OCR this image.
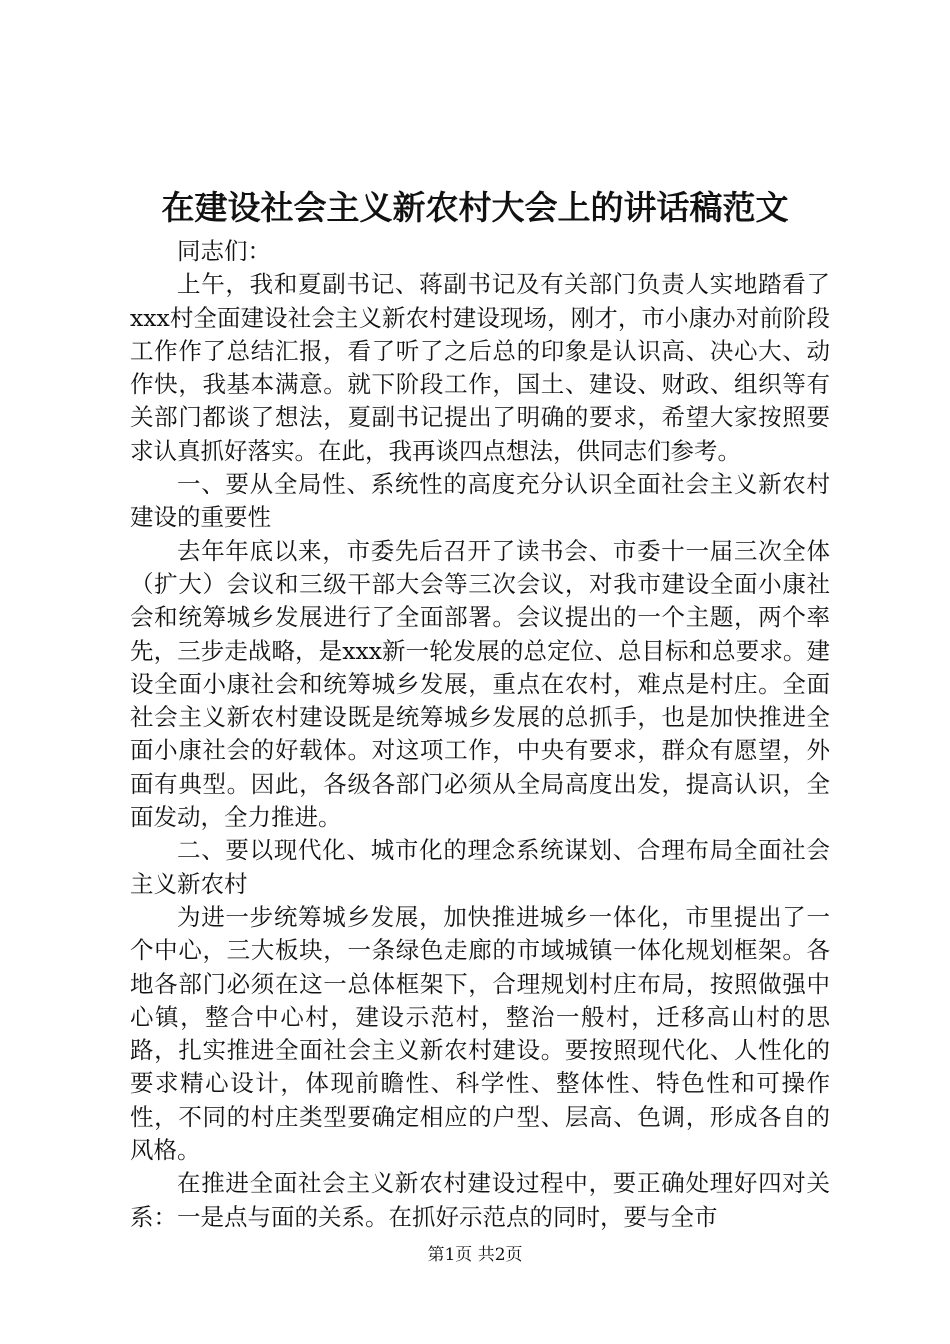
在建设社会主义新农村大会上的讲话稿范文

同志们：

上午，我和夏副书记、蒋副书记及有关部门负责人实地踏看了xxx村全面建设社会主义新农村建设现场，刚才，市小康办对前阶段工作作了总结汇报，看了听了之后总的印象是认识高、决心大、动作快，我基本满意。就下阶段工作，国土、建设、财政、组织等有关部门都谈了想法，夏副书记提出了明确的要求，希望大家按照要求认真抓好落实。在此，我再谈四点想法，供同志们参考。

一、要从全局性、系统性的高度充分认识全面社会主义新农村建设的重要性

去年年底以来，市委先后召开了读书会、市委十一届三次全体（扩大）会议和三级干部大会等三次会议，对我市建设全面小康社会和统筹城乡发展进行了全面部署。会议提出的一个主题，两个率先，三步走战略，是xxx新一轮发展的总定位、总目标和总要求。建设全面小康社会和统筹城乡发展，重点在农村，难点是村庄。全面社会主义新农村建设既是统筹城乡发展的总抓手，也是加快推进全面小康社会的好载体。对这项工作，中央有要求，群众有愿望，外面有典型。因此，各级各部门必须从全局高度出发，提高认识，全面发动，全力推进。

二、要以现代化、城市化的理念系统谋划、合理布局全面社会主义新农村

为进一步统筹城乡发展，加快推进城乡一体化，市里提出了一个中心，三大板块，一条绿色走廊的市域城镇一体化规划框架。各地各部门必须在这一总体框架下，合理规划村庄布局，按照做强中心镇，整合中心村，建设示范村，整治一般村，迁移高山村的思路，扎实推进全面社会主义新农村建设。要按照现代化、人性化的要求精心设计，体现前瞻性、科学性、整体性、特色性和可操作性，不同的村庄类型要确定相应的户型、层高、色调，形成各自的风格。

在推进全面社会主义新农村建设过程中，要正确处理好四对关系：一是点与面的关系。在抓好示范点的同时，要与全市

第1页 共2页
